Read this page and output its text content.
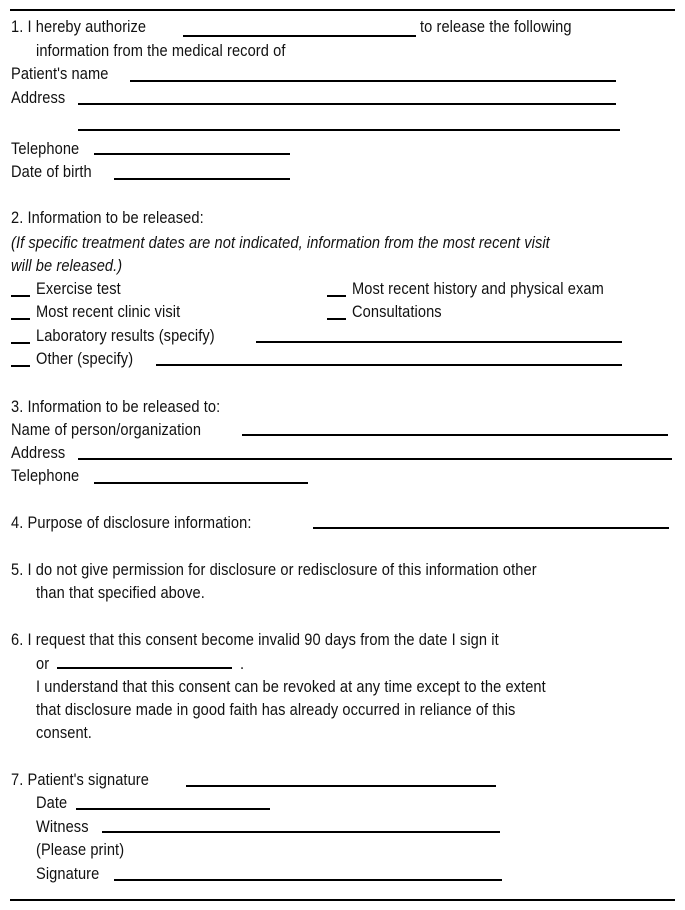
1. I hereby authorize	to release the following
information from the medical record of
Patient's name
Address
Telephone
Date of birth
2. Information to be released:
(If specific treatment dates are not indicated, information from the most recent visit
will be released.)
Exercise test	Most recent history and physical exam
Most recent clinic visit	Consultations
Laboratory results (specify)
Other (specify)
3. Information to be released to:
Name of person/organization
Address
Telephone
4. Purpose of disclosure information:
5. I do not give permission for disclosure or redisclosure of this information other
than that specified above.
6. I request that this consent become invalid 90 days from the date I sign it
or	.
I understand that this consent can be revoked at any time except to the extent
that disclosure made in good faith has already occurred in reliance of this
consent.
7. Patient's signature
Date
Witness
(Please print)
Signature
